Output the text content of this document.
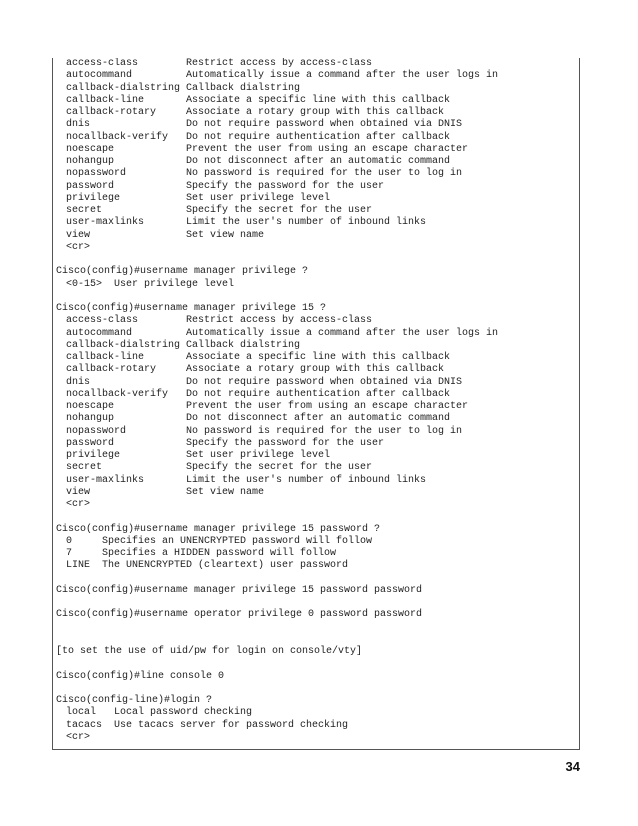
access-class	Restrict access by access-class
autocommand	Automatically issue a command after the user logs in
callback-dialstring Callback dialstring
callback-line	Associate a specific line with this callback
callback-rotary	Associate a rotary group with this callback
dnis	Do not require password when obtained via DNIS
nocallback-verify Do not require authentication after callback
noescape	Prevent the user from using an escape character
nohangup	Do not disconnect after an automatic command
nopassword	No password is required for the user to log in
password	Specify the password for the user
privilege	Set user privilege level
secret	Specify the secret for the user
user-maxlinks	Limit the user's number of inbound links
view	Set view name
<cr>
Cisco(config)#username manager privilege ?
<0-15>  User privilege level
Cisco(config)#username manager privilege 15 ?
access-class	Restrict access by access-class
autocommand	Automatically issue a command after the user logs in
callback-dialstring Callback dialstring
callback-line	Associate a specific line with this callback
callback-rotary	Associate a rotary group with this callback
dnis	Do not require password when obtained via DNIS
nocallback-verify Do not require authentication after callback
noescape	Prevent the user from using an escape character
nohangup	Do not disconnect after an automatic command
nopassword	No password is required for the user to log in
password	Specify the password for the user
privilege	Set user privilege level
secret	Specify the secret for the user
user-maxlinks	Limit the user's number of inbound links
view	Set view name
<cr>
Cisco(config)#username manager privilege 15 password ?
0     Specifies an UNENCRYPTED password will follow
7     Specifies a HIDDEN password will follow
LINE  The UNENCRYPTED (cleartext) user password
Cisco(config)#username manager privilege 15 password password
Cisco(config)#username operator privilege 0 password password
[to set the use of uid/pw for login on console/vty]
Cisco(config)#line console 0
Cisco(config-line)#login ?
local   Local password checking
tacacs  Use tacacs server for password checking
<cr>
34
